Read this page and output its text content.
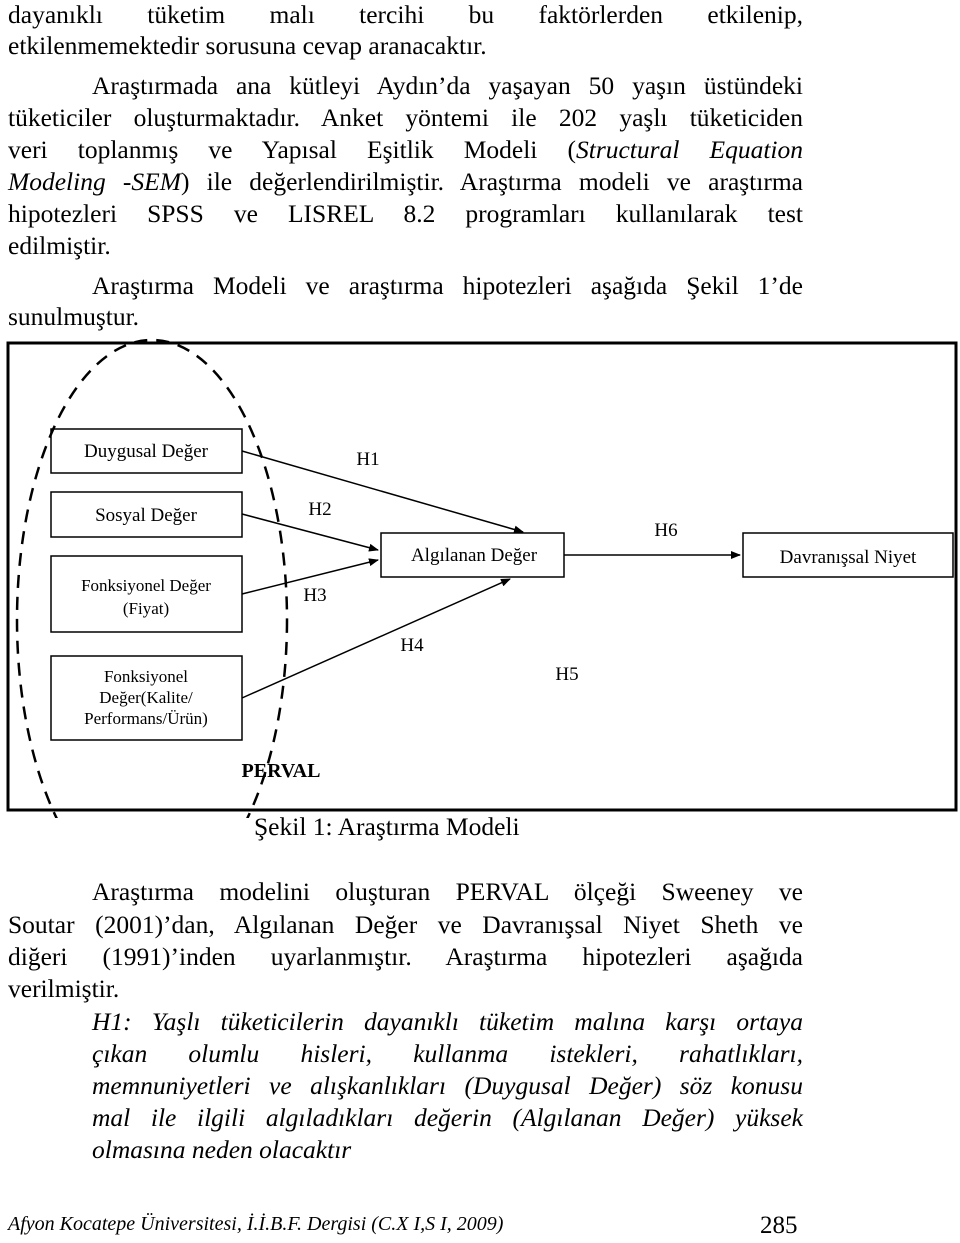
dayanıklı tüketim malı tercihi bu faktörlerden etkilenip,
etkilenmemektedir sorusuna cevap aranacaktır.
Araştırmada ana kütleyi Aydın’da yaşayan 50 yaşın üstündeki
tüketiciler oluşturmaktadır. Anket yöntemi ile 202 yaşlı tüketiciden
veri toplanmış ve Yapısal Eşitlik Modeli (Structural Equation
Modeling -SEM) ile değerlendirilmiştir. Araştırma modeli ve araştırma
hipotezleri SPSS ve LISREL 8.2 programları kullanılarak test
edilmiştir.
Araştırma Modeli ve araştırma hipotezleri aşağıda Şekil 1’de
sunulmuştur.
Duygusal Değer
Sosyal Değer
Fonksiyonel Değer
(Fiyat)
Fonksiyonel
Değer(Kalite/
Performans/Ürün)
Algılanan Değer	Davranışsal Niyet
H1
H2
H3
H4
H5
H6
PERVAL
Şekil 1: Araştırma Modeli
Araştırma modelini oluşturan PERVAL ölçeği Sweeney ve
Soutar (2001)’dan, Algılanan Değer ve Davranışsal Niyet Sheth ve
diğeri (1991)’inden uyarlanmıştır. Araştırma hipotezleri aşağıda
verilmiştir.
H1: Yaşlı tüketicilerin dayanıklı tüketim malına karşı ortaya
çıkan olumlu hisleri, kullanma istekleri, rahatlıkları,
memnuniyetleri ve alışkanlıkları (Duygusal Değer) söz konusu
mal ile ilgili algıladıkları değerin (Algılanan Değer) yüksek
olmasına neden olacaktır
Afyon Kocatepe Üniversitesi, İ.İ.B.F. Dergisi (C.X I,S I, 2009)	285
